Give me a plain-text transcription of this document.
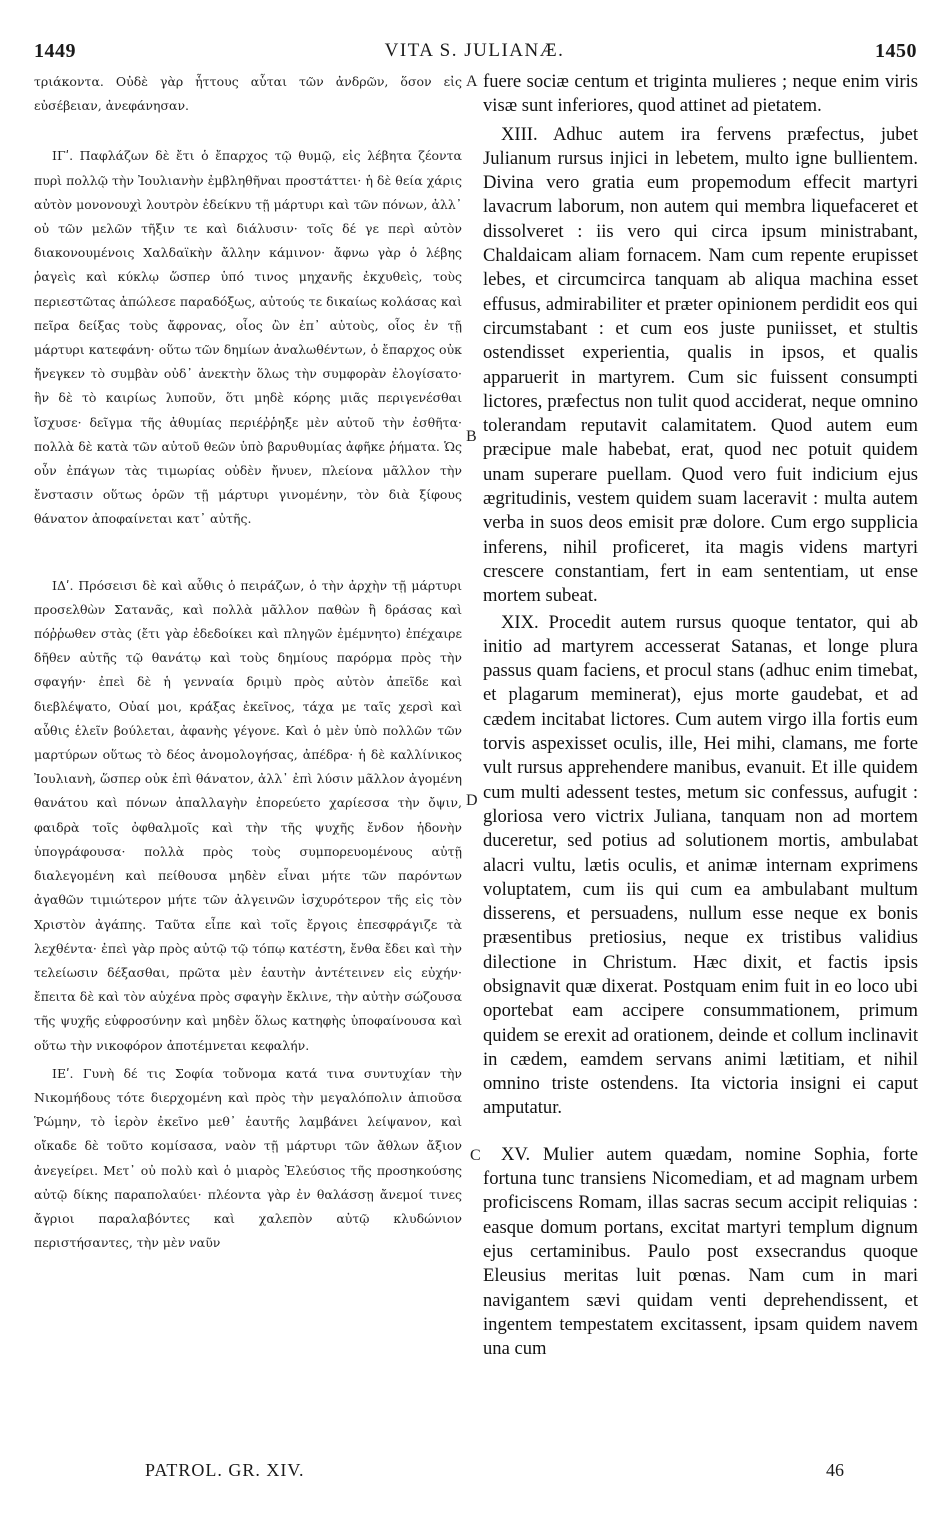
1449	VITA S. JULIANÆ.	1450

τριάκοντα. Οὐδὲ γὰρ ἧττους αὗται τῶν ἀνδρῶν, ὅσον εἰς εὐσέβειαν, ἀνεφάνησαν.

ΙΓʹ. Παφλάζων δὲ ἔτι ὁ ἔπαρχος τῷ θυμῷ, εἰς λέβητα ζέοντα πυρὶ πολλῷ τὴν Ἰουλιανὴν ἐμβληθῆναι προστάττει· ἡ δὲ θεία χάρις αὐτὸν μονονουχὶ λουτρὸν ἐδείκνυ τῇ μάρτυρι καὶ τῶν πόνων, ἀλλ᾽ οὐ τῶν μελῶν τῆξιν τε καὶ διάλυσιν· τοῖς δέ γε περὶ αὐτὸν διακονουμένοις Χαλδαϊκὴν ἄλλην κάμινον· ἄφνω γὰρ ὁ λέβης ῥαγεὶς καὶ κύκλῳ ὥσπερ ὑπό τινος μηχανῆς ἐκχυθεὶς, τοὺς περιεστῶτας ἀπώλεσε παραδόξως, αὐτούς τε δικαίως κολάσας καὶ πεῖρα δείξας τοὺς ἄφρονας, οἷος ὢν ἐπ᾽ αὐτοὺς, οἷος ἐν τῇ μάρτυρι κατεφάνη· οὕτω τῶν δημίων ἀναλωθέντων, ὁ ἔπαρχος οὐκ ἤνεγκεν τὸ συμβὰν οὐδ᾽ ἀνεκτὴν ὅλως τὴν συμφορὰν ἐλογίσατο· ἣν δὲ τὸ καιρίως λυποῦν, ὅτι μηδὲ κόρης μιᾶς περιγενέσθαι ἴσχυσε· δεῖγμα τῆς ἀθυμίας περιέῤῥηξε μὲν αὐτοῦ τὴν ἐσθῆτα· πολλὰ δὲ κατὰ τῶν αὐτοῦ θεῶν ὑπὸ βαρυθυμίας ἀφῆκε ῥήματα. Ὡς οὖν ἐπάγων τὰς τιμωρίας οὐδὲν ἤνυεν, πλείονα μᾶλλον τὴν ἔνστασιν οὕτως ὁρῶν τῇ μάρτυρι γινομένην, τὸν διὰ ξίφους θάνατον ἀποφαίνεται κατ᾽ αὐτῆς.

ΙΔʹ. Πρόσεισι δὲ καὶ αὖθις ὁ πειράζων, ὁ τὴν ἀρχὴν τῇ μάρτυρι προσελθὼν Σατανᾶς, καὶ πολλὰ μᾶλλον παθὼν ἢ δράσας καὶ πόῤῥωθεν στὰς (ἔτι γὰρ ἐδεδοίκει καὶ πληγῶν ἐμέμνητο) ἐπέχαιρε δῆθεν αὐτῆς τῷ θανάτῳ καὶ τοὺς δημίους παρόρμα πρὸς τὴν σφαγήν· ἐπεὶ δὲ ἡ γενναία δριμὺ πρὸς αὐτὸν ἀπεῖδε καὶ διεβλέψατο, Οὐαί μοι, κράξας ἐκεῖνος, τάχα με ταῖς χερσὶ καὶ αὖθις ἑλεῖν βούλεται, ἀφανὴς γέγονε. Καὶ ὁ μὲν ὑπὸ πολλῶν τῶν μαρτύρων οὕτως τὸ δέος ἀνομολογήσας, ἀπέδρα· ἡ δὲ καλλίνικος Ἰουλιανὴ, ὥσπερ οὐκ ἐπὶ θάνατον, ἀλλ᾽ ἐπὶ λύσιν μᾶλλον ἀγομένη θανάτου καὶ πόνων ἀπαλλαγὴν ἐπορεύετο χαρίεσσα τὴν ὄψιν, φαιδρὰ τοῖς ὀφθαλμοῖς καὶ τὴν τῆς ψυχῆς ἔνδον ἡδονὴν ὑπογράφουσα· πολλὰ πρὸς τοὺς συμπορευομένους αὐτῇ διαλεγομένη καὶ πείθουσα μηδὲν εἶναι μήτε τῶν παρόντων ἀγαθῶν τιμιώτερον μήτε τῶν ἀλγεινῶν ἰσχυρότερον τῆς εἰς τὸν Χριστὸν ἀγάπης. Ταῦτα εἶπε καὶ τοῖς ἔργοις ἐπεσφράγιζε τὰ λεχθέντα· ἐπεὶ γὰρ πρὸς αὐτῷ τῷ τόπῳ κατέστη, ἔνθα ἔδει καὶ τὴν τελείωσιν δέξασθαι, πρῶτα μὲν ἑαυτὴν ἀντέτεινεν εἰς εὐχήν· ἔπειτα δὲ καὶ τὸν αὐχένα πρὸς σφαγὴν ἔκλινε, τὴν αὐτὴν σώζουσα τῆς ψυχῆς εὐφροσύνην καὶ μηδὲν ὅλως κατηφὴς ὑποφαίνουσα καὶ οὕτω τὴν νικοφόρον ἀποτέμνεται κεφαλήν.

ΙΕʹ. Γυνὴ δέ τις Σοφία τοὔνομα κατά τινα συντυχίαν τὴν Νικομήδους τότε διερχομένη καὶ πρὸς τὴν μεγαλόπολιν ἀπιοῦσα Ῥώμην, τὸ ἱερὸν ἐκεῖνο μεθ᾽ ἑαυτῆς λαμβάνει λείψανον, καὶ οἴκαδε δὲ τοῦτο κομίσασα, ναὸν τῇ μάρτυρι τῶν ἄθλων ἄξιον ἀνεγείρει. Μετ᾽ οὐ πολὺ καὶ ὁ μιαρὸς Ἐλεύσιος τῆς προσηκούσης αὐτῷ δίκης παραπολαύει· πλέοντα γὰρ ἐν θαλάσσῃ ἄνεμοί τινες ἄγριοι παραλαβόντες καὶ χαλεπὸν αὐτῷ κλυδώνιον περιστήσαντες, τὴν μὲν ναῦν

fuere sociæ centum et triginta mulieres ; neque enim viris visæ sunt inferiores, quod attinet ad pietatem.

XIII. Adhuc autem ira fervens præfectus, jubet Julianum rursus injici in lebetem, multo igne bullientem. Divina vero gratia eum propemodum effecit martyri lavacrum laborum, non autem qui membra liquefaceret et dissolveret : iis vero qui circa ipsum ministrabant, Chaldaicam aliam fornacem. Nam cum repente erupisset lebes, et circumcirca tanquam ab aliqua machina esset effusus, admirabiliter et præter opinionem perdidit eos qui circumstabant : et cum eos juste puniisset, et stultis ostendisset experientia, qualis in ipsos, et qualis apparuerit in martyrem. Cum sic fuissent consumpti lictores, præfectus non tulit quod acciderat, neque omnino tolerandam reputavit calamitatem. Quod autem eum præcipue male habebat, erat, quod nec potuit quidem unam superare puellam. Quod vero fuit indicium ejus ægritudinis, vestem quidem suam laceravit : multa autem verba in suos deos emisit præ dolore. Cum ergo supplicia inferens, nihil proficeret, ita magis videns martyri crescere constantiam, fert in eam sententiam, ut ense mortem subeat.

XIX. Procedit autem rursus quoque tentator, qui ab initio ad martyrem accesserat Satanas, et longe plura passus quam faciens, et procul stans (adhuc enim timebat, et plagarum meminerat), ejus morte gaudebat, et ad cædem incitabat lictores. Cum autem virgo illa fortis eum torvis aspexisset oculis, ille, Hei mihi, clamans, me forte vult rursus apprehendere manibus, evanuit. Et ille quidem cum multi adessent testes, metum sic confessus, aufugit : gloriosa vero victrix Juliana, tanquam non ad mortem duceretur, sed potius ad solutionem mortis, ambulabat alacri vultu, lætis oculis, et animæ internam exprimens voluptatem, cum iis qui cum ea ambulabant multum disserens, et persuadens, nullum esse neque ex bonis præsentibus pretiosius, neque ex tristibus validius dilectione in Christum. Hæc dixit, et factis ipsis obsignavit quæ dixerat. Postquam enim fuit in eo loco ubi oportebat eam accipere consummationem, primum quidem se erexit ad orationem, deinde et collum inclinavit in cædem, eamdem servans animi lætitiam, et nihil omnino triste ostendens. Ita victoria insigni ei caput amputatur.

XV. Mulier autem quædam, nomine Sophia, forte fortuna tunc transiens Nicomediam, et ad magnam urbem proficiscens Romam, illas sacras secum accipit reliquias : easque domum portans, excitat martyri templum dignum ejus certaminibus. Paulo post exsecrandus quoque Eleusius meritas luit pœnas. Nam cum in mari navigantem sævi quidam venti deprehendissent, et ingentem tempestatem excitassent, ipsam quidem navem una cum

A
B
D
C
PATROL. GR. XIV.	46
